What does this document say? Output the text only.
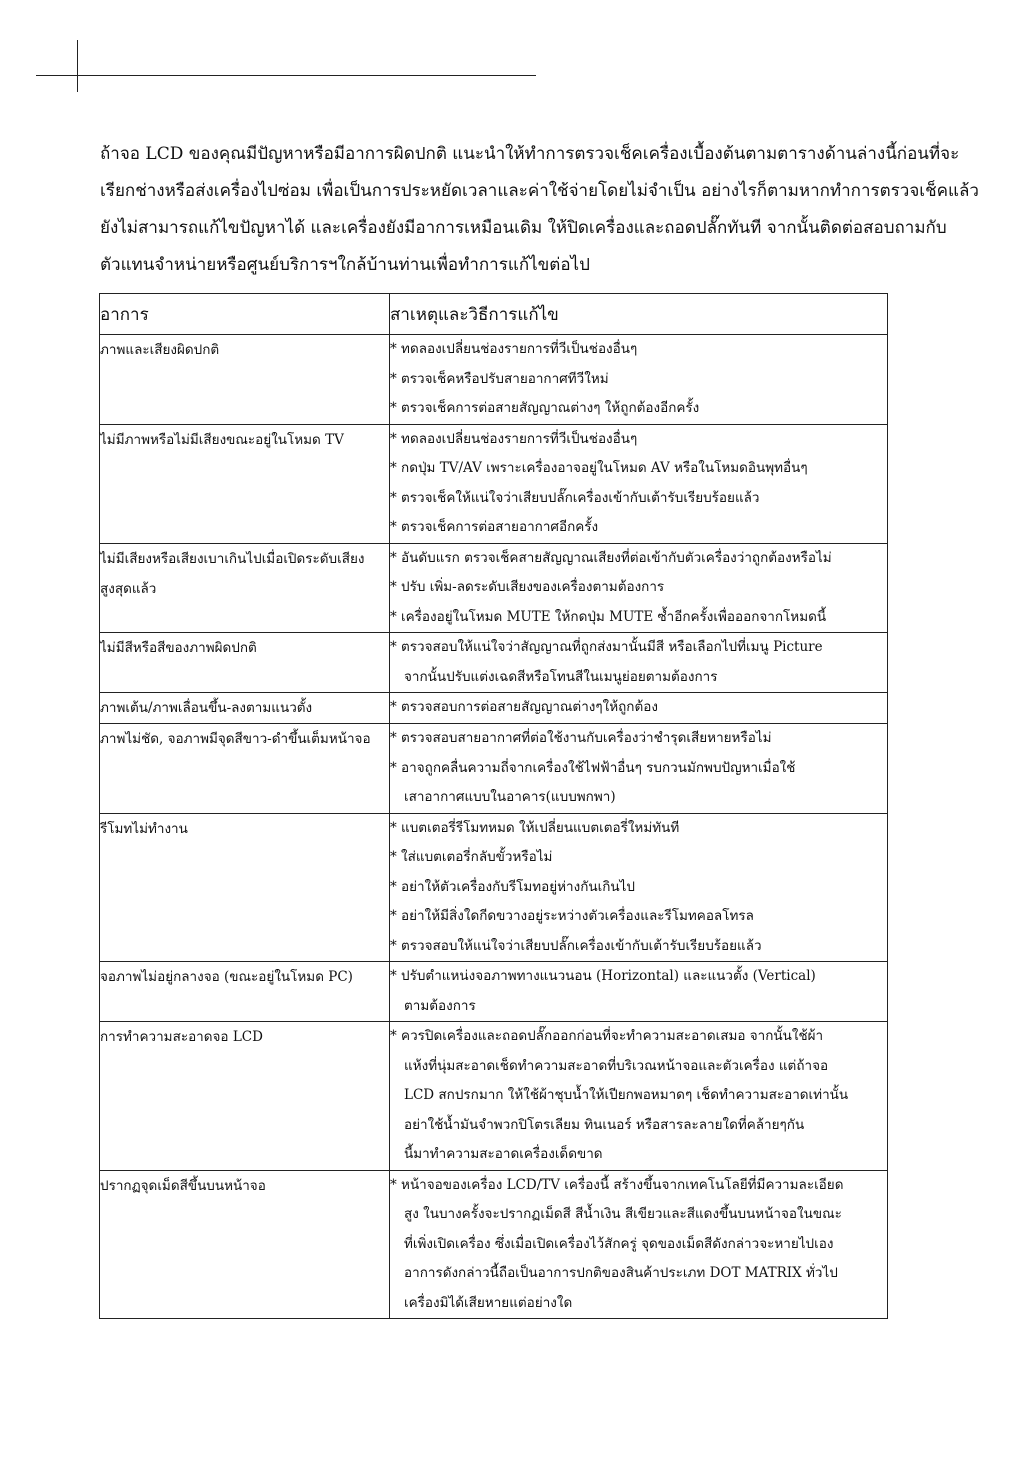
ถ้าจอ LCD ของคุณมีปัญหาหรือมีอาการผิดปกติ แนะนำให้ทำการตรวจเช็คเครื่องเบื้องต้นตามตารางด้านล่างนี้ก่อนที่จะเรียกช่างหรือส่งเครื่องไปซ่อม เพื่อเป็นการประหยัดเวลาและค่าใช้จ่ายโดยไม่จำเป็น อย่างไรก็ตามหากทำการตรวจเช็คแล้วยังไม่สามารถแก้ไขปัญหาได้ และเครื่องยังมีอาการเหมือนเดิม ให้ปิดเครื่องและถอดปลั๊กทันที จากนั้นติดต่อสอบถามกับตัวแทนจำหน่ายหรือศูนย์บริการฯใกล้บ้านท่านเพื่อทำการแก้ไขต่อไป

อาการ	สาเหตุและวิธีการแก้ไข
ภาพและเสียงผิดปกติ	* ทดลองเปลี่ยนช่องรายการที่วีเป็นช่องอื่นๆ
* ตรวจเช็คหรือปรับสายอากาศทีวีใหม่
* ตรวจเช็คการต่อสายสัญญาณต่างๆ ให้ถูกต้องอีกครั้ง

ไม่มีภาพหรือไม่มีเสียงขณะอยู่ในโหมด TV	* ทดลองเปลี่ยนช่องรายการที่วีเป็นช่องอื่นๆ
* กดปุ่ม TV/AV เพราะเครื่องอาจอยู่ในโหมด AV หรือในโหมดอินพุทอื่นๆ
* ตรวจเช็คให้แน่ใจว่าเสียบปลั๊กเครื่องเข้ากับเต้ารับเรียบร้อยแล้ว
* ตรวจเช็คการต่อสายอากาศอีกครั้ง

ไม่มีเสียงหรือเสียงเบาเกินไปเมื่อเปิดระดับเสียงสูงสุดแล้ว	* อันดับแรก ตรวจเช็คสายสัญญาณเสียงที่ต่อเข้ากับตัวเครื่องว่าถูกต้องหรือไม่
* ปรับ เพิ่ม-ลดระดับเสียงของเครื่องตามต้องการ
* เครื่องอยู่ในโหมด MUTE ให้กดปุ่ม MUTE ซ้ำอีกครั้งเพื่อออกจากโหมดนี้

ไม่มีสีหรือสีของภาพผิดปกติ	* ตรวจสอบให้แน่ใจว่าสัญญาณที่ถูกส่งมานั้นมีสี หรือเลือกไปที่เมนู Picture
จากนั้นปรับแต่งเฉดสีหรือโทนสีในเมนูย่อยตามต้องการ

ภาพเต้น/ภาพเลื่อนขึ้น-ลงตามแนวตั้ง	* ตรวจสอบการต่อสายสัญญาณต่างๆให้ถูกต้อง

ภาพไม่ชัด, จอภาพมีจุดสีขาว-ดำขึ้นเต็มหน้าจอ	* ตรวจสอบสายอากาศที่ต่อใช้งานกับเครื่องว่าชำรุดเสียหายหรือไม่
* อาจถูกคลื่นความถี่จากเครื่องใช้ไฟฟ้าอื่นๆ รบกวนมักพบปัญหาเมื่อใช้
เสาอากาศแบบในอาคาร(แบบพกพา)

รีโมทไม่ทำงาน	* แบตเตอรี่รีโมทหมด ให้เปลี่ยนแบตเตอรี่ใหม่ทันที
* ใส่แบตเตอรี่กลับขั้วหรือไม่
* อย่าให้ตัวเครื่องกับรีโมทอยู่ห่างกันเกินไป
* อย่าให้มีสิ่งใดกีดขวางอยู่ระหว่างตัวเครื่องและรีโมทคอลโทรล
* ตรวจสอบให้แน่ใจว่าเสียบปลั๊กเครื่องเข้ากับเต้ารับเรียบร้อยแล้ว

จอภาพไม่อยู่กลางจอ (ขณะอยู่ในโหมด PC)	* ปรับตำแหน่งจอภาพทางแนวนอน (Horizontal) และแนวตั้ง (Vertical)
ตามต้องการ

การทำความสะอาดจอ LCD	* ควรปิดเครื่องและถอดปลั๊กออกก่อนที่จะทำความสะอาดเสมอ จากนั้นใช้ผ้า
แห้งที่นุ่มสะอาดเช็ดทำความสะอาดที่บริเวณหน้าจอและตัวเครื่อง แต่ถ้าจอ
LCD สกปรกมาก ให้ใช้ผ้าชุบน้ำให้เปียกพอหมาดๆ เช็ดทำความสะอาดเท่านั้น
อย่าใช้น้ำมันจำพวกปิโตรเลียม ทินเนอร์ หรือสารละลายใดที่คล้ายๆกัน
นี้มาทำความสะอาดเครื่องเด็ดขาด

ปรากฏจุดเม็ดสีขึ้นบนหน้าจอ	* หน้าจอของเครื่อง LCD/TV เครื่องนี้ สร้างขึ้นจากเทคโนโลยีที่มีความละเอียด
สูง ในบางครั้งจะปรากฏเม็ดสี สีน้ำเงิน สีเขียวและสีแดงขึ้นบนหน้าจอในขณะ
ที่เพิ่งเปิดเครื่อง ซึ่งเมื่อเปิดเครื่องไว้สักครู่ จุดของเม็ดสีดังกล่าวจะหายไปเอง
อาการดังกล่าวนี้ถือเป็นอาการปกติของสินค้าประเภท DOT MATRIX ทั่วไป
เครื่องมิได้เสียหายแต่อย่างใด
